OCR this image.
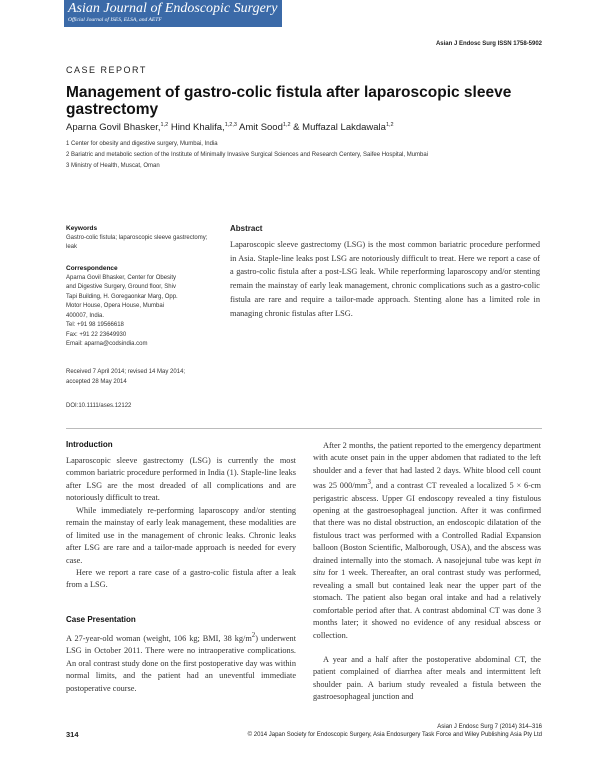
Asian Journal of Endoscopic Surgery
Official Journal of ISES, ELSA, and AETF
Asian J Endosc Surg ISSN 1758-5902
CASE REPORT
Management of gastro-colic fistula after laparoscopic sleeve gastrectomy
Aparna Govil Bhasker,$^{1,2}$ Hind Khalifa,$^{1,2,3}$ Amit Sood$^{1,2}$ & Muffazal Lakdawala$^{1,2}$
1 Center for obesity and digestive surgery, Mumbai, India
2 Bariatric and metabolic section of the Institute of Minimally Invasive Surgical Sciences and Research Centery, Saifee Hospital, Mumbai
3 Ministry of Health, Muscat, Oman
Keywords
Gastro-colic fistula; laparoscopic sleeve gastrectomy; leak
Correspondence
Aparna Govil Bhasker, Center for Obesity
and Digestive Surgery, Ground floor, Shiv
Tapi Building, H. Goregaonkar Marg, Opp.
Motor House, Opera House, Mumbai
400007, India.
Tel: +91 98 19566618
Fax: +91 22 23649930
Email: aparna@codsindia.com
Received 7 April 2014; revised 14 May 2014;
accepted 28 May 2014
DOI:10.1111/ases.12122
Abstract
Laparoscopic sleeve gastrectomy (LSG) is the most common bariatric procedure performed in Asia. Staple-line leaks post LSG are notoriously difficult to treat. Here we report a case of a gastro-colic fistula after a post-LSG leak. While reperforming laparoscopy and/or stenting remain the mainstay of early leak management, chronic complications such as a gastro-colic fistula are rare and require a tailor-made approach. Stenting alone has a limited role in managing chronic fistulas after LSG.
Introduction
Laparoscopic sleeve gastrectomy (LSG) is currently the most common bariatric procedure performed in India (1). Staple-line leaks after LSG are the most dreaded of all complications and are notoriously difficult to treat.
While immediately re-performing laparoscopy and/or stenting remain the mainstay of early leak management, these modalities are of limited use in the management of chronic leaks. Chronic leaks after LSG are rare and a tailor-made approach is needed for every case.
Here we report a rare case of a gastro-colic fistula after a leak from a LSG.
Case Presentation
A 27-year-old woman (weight, 106 kg; BMI, 38 $kg/m^2$) underwent LSG in October 2011. There were no intraoperative complications. An oral contrast study done on the first postoperative day was within normal limits, and the patient had an uneventful immediate postoperative course.
After 2 months, the patient reported to the emergency department with acute onset pain in the upper abdomen that radiated to the left shoulder and a fever that had lasted 2 days. White blood cell count was 25 $000/mm^3$, and a contrast CT revealed a localized 5 × 6-cm perigastric abscess. Upper GI endoscopy revealed a tiny fistulous opening at the gastroesophageal junction. After it was confirmed that there was no distal obstruction, an endoscopic dilatation of the fistulous tract was performed with a Controlled Radial Expansion balloon (Boston Scientific, Malborough, USA), and the abscess was drained internally into the stomach. A nasojejunal tube was kept in situ for 1 week. Thereafter, an oral contrast study was performed, revealing a small but contained leak near the upper part of the stomach. The patient also began oral intake and had a relatively comfortable period after that. A contrast abdominal CT was done 3 months later; it showed no evidence of any residual abscess or collection.
A year and a half after the postoperative abdominal CT, the patient complained of diarrhea after meals and intermittent left shoulder pain. A barium study revealed a fistula between the gastroesophageal junction and
314
Asian J Endosc Surg 7 (2014) 314–316
© 2014 Japan Society for Endoscopic Surgery, Asia Endosurgery Task Force and Wiley Publishing Asia Pty Ltd
